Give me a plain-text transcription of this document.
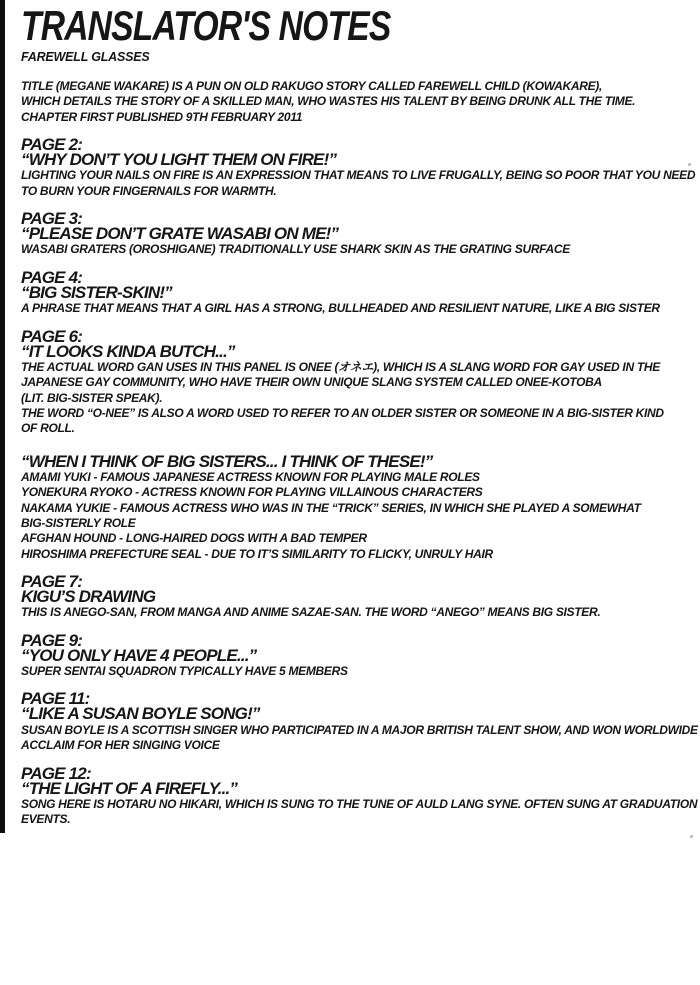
TRANSLATOR'S NOTES
FAREWELL GLASSES
TITLE (MEGANE WAKARE) IS A PUN ON OLD RAKUGO STORY CALLED FAREWELL CHILD (KOWAKARE),
WHICH DETAILS THE STORY OF A SKILLED MAN, WHO WASTES HIS TALENT BY BEING DRUNK ALL THE TIME.
CHAPTER FIRST PUBLISHED 9TH FEBRUARY 2011
PAGE 2:
“WHY DON’T YOU LIGHT THEM ON FIRE!”
LIGHTING YOUR NAILS ON FIRE IS AN EXPRESSION THAT MEANS TO LIVE FRUGALLY, BEING SO POOR THAT YOU NEED
TO BURN YOUR FINGERNAILS FOR WARMTH.
PAGE 3:
“PLEASE DON’T GRATE WASABI ON ME!”
WASABI GRATERS (OROSHIGANE) TRADITIONALLY USE SHARK SKIN AS THE GRATING SURFACE
PAGE 4:
“BIG SISTER-SKIN!”
A PHRASE THAT MEANS THAT A GIRL HAS A STRONG, BULLHEADED AND RESILIENT NATURE, LIKE A BIG SISTER
PAGE 6:
“IT LOOKS KINDA BUTCH...”
THE ACTUAL WORD GAN USES IN THIS PANEL IS ONEE (オネエ), WHICH IS A SLANG WORD FOR GAY USED IN THE
JAPANESE GAY COMMUNITY, WHO HAVE THEIR OWN UNIQUE SLANG SYSTEM CALLED ONEE-KOTOBA
(LIT. BIG-SISTER SPEAK).
THE WORD “O-NEE” IS ALSO A WORD USED TO REFER TO AN OLDER SISTER OR SOMEONE IN A BIG-SISTER KIND
OF ROLL.
“WHEN I THINK OF BIG SISTERS... I THINK OF THESE!”
AMAMI YUKI - FAMOUS JAPANESE ACTRESS KNOWN FOR PLAYING MALE ROLES
YONEKURA RYOKO - ACTRESS KNOWN FOR PLAYING VILLAINOUS CHARACTERS
NAKAMA YUKIE - FAMOUS ACTRESS WHO WAS IN THE “TRICK” SERIES, IN WHICH SHE PLAYED A SOMEWHAT
BIG-SISTERLY ROLE
AFGHAN HOUND - LONG-HAIRED DOGS WITH A BAD TEMPER
HIROSHIMA PREFECTURE SEAL - DUE TO IT’S SIMILARITY TO FLICKY, UNRULY HAIR
PAGE 7:
KIGU’S DRAWING
THIS IS ANEGO-SAN, FROM MANGA AND ANIME SAZAE-SAN. THE WORD “ANEGO” MEANS BIG SISTER.
PAGE 9:
“YOU ONLY HAVE 4 PEOPLE...”
SUPER SENTAI SQUADRON TYPICALLY HAVE 5 MEMBERS
PAGE 11:
“LIKE A SUSAN BOYLE SONG!”
SUSAN BOYLE IS A SCOTTISH SINGER WHO PARTICIPATED IN A MAJOR BRITISH TALENT SHOW, AND WON WORLDWIDE
ACCLAIM FOR HER SINGING VOICE
PAGE 12:
“THE LIGHT OF A FIREFLY...”
SONG HERE IS HOTARU NO HIKARI, WHICH IS SUNG TO THE TUNE OF AULD LANG SYNE. OFTEN SUNG AT GRADUATION
EVENTS.
